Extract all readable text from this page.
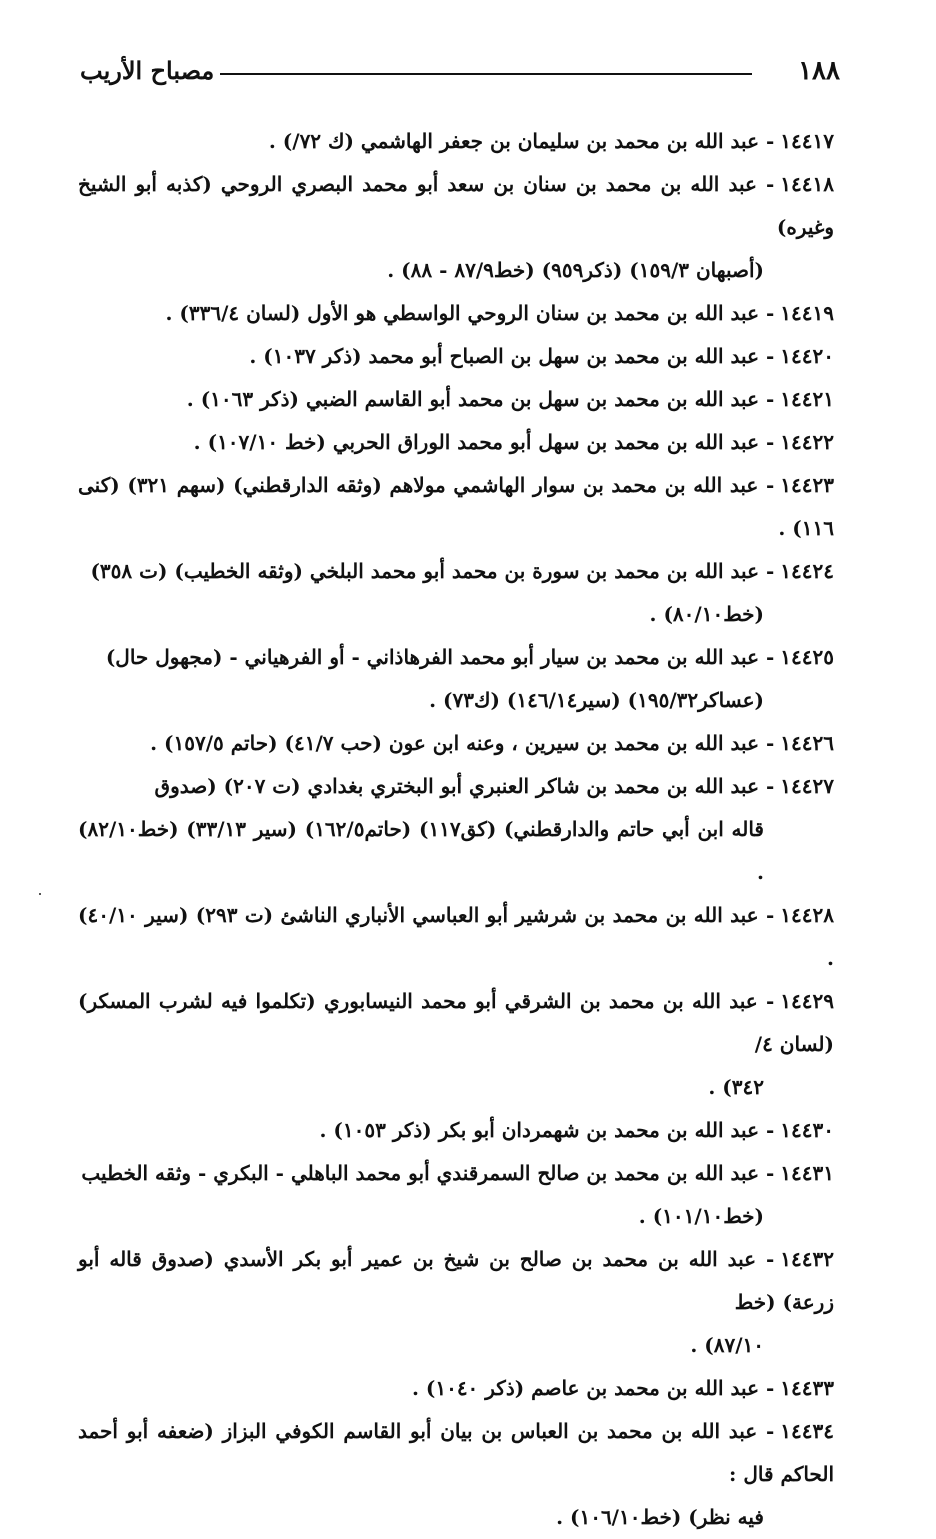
١٨٨
مصباح الأريب
١٤٤١٧- عبد الله بن محمد بن سليمان بن جعفر الهاشمي (ك ٧٢/) .
١٤٤١٨- عبد الله بن محمد بن سنان بن سعد أبو محمد البصري الروحي (كذبه أبو الشيخ وغيره)
(أصبهان ١٥٩/٣) (ذكر٩٥٩) (خط٨٧/٩ - ٨٨) .
١٤٤١٩- عبد الله بن محمد بن سنان الروحي الواسطي هو الأول (لسان ٣٣٦/٤) .
١٤٤٢٠- عبد الله بن محمد بن سهل بن الصباح أبو محمد (ذكر ١٠٣٧) .
١٤٤٢١- عبد الله بن محمد بن سهل بن محمد أبو القاسم الضبي (ذكر ١٠٦٣) .
١٤٤٢٢- عبد الله بن محمد بن سهل أبو محمد الوراق الحربي (خط ١٠٧/١٠) .
١٤٤٢٣- عبد الله بن محمد بن سوار الهاشمي مولاهم (وثقه الدارقطني) (سهم ٣٢١) (كنى ١١٦) .
١٤٤٢٤- عبد الله بن محمد بن سورة بن محمد أبو محمد البلخي (وثقه الخطيب) (ت ٣٥٨)
(خط٨٠/١٠) .
١٤٤٢٥- عبد الله بن محمد بن سيار أبو محمد الفرهاذاني - أو الفرهياني - (مجهول حال)
(عساكر١٩٥/٣٢) (سير١٤٦/١٤) (ك٧٣) .
١٤٤٢٦- عبد الله بن محمد بن سيرين ، وعنه ابن عون (حب ٤١/٧) (حاتم ١٥٧/٥) .
١٤٤٢٧- عبد الله بن محمد بن شاكر العنبري أبو البختري بغدادي (ت ٢٠٧) (صدوق
قاله ابن أبي حاتم والدارقطني) (كق١١٧) (حاتم١٦٢/٥) (سير ٣٣/١٣) (خط٨٢/١٠) .
١٤٤٢٨- عبد الله بن محمد بن شرشير أبو العباسي الأنباري الناشئ (ت ٢٩٣) (سير ٤٠/١٠) .
١٤٤٢٩- عبد الله بن محمد بن الشرقي أبو محمد النيسابوري (تكلموا فيه لشرب المسكر) (لسان ٤/
٣٤٢) .
١٤٤٣٠- عبد الله بن محمد بن شهمردان أبو بكر (ذكر ١٠٥٣) .
١٤٤٣١- عبد الله بن محمد بن صالح السمرقندي أبو محمد الباهلي - البكري - وثقه الخطيب
(خط١٠١/١٠) .
١٤٤٣٢- عبد الله بن محمد بن صالح بن شيخ بن عمير أبو بكر الأسدي (صدوق قاله أبو زرعة) (خط
٨٧/١٠) .
١٤٤٣٣- عبد الله بن محمد بن عاصم (ذكر ١٠٤٠) .
١٤٤٣٤- عبد الله بن محمد بن العباس بن بيان أبو القاسم الكوفي البزاز (ضعفه أبو أحمد الحاكم قال :
فيه نظر) (خط١٠٦/١٠) .
